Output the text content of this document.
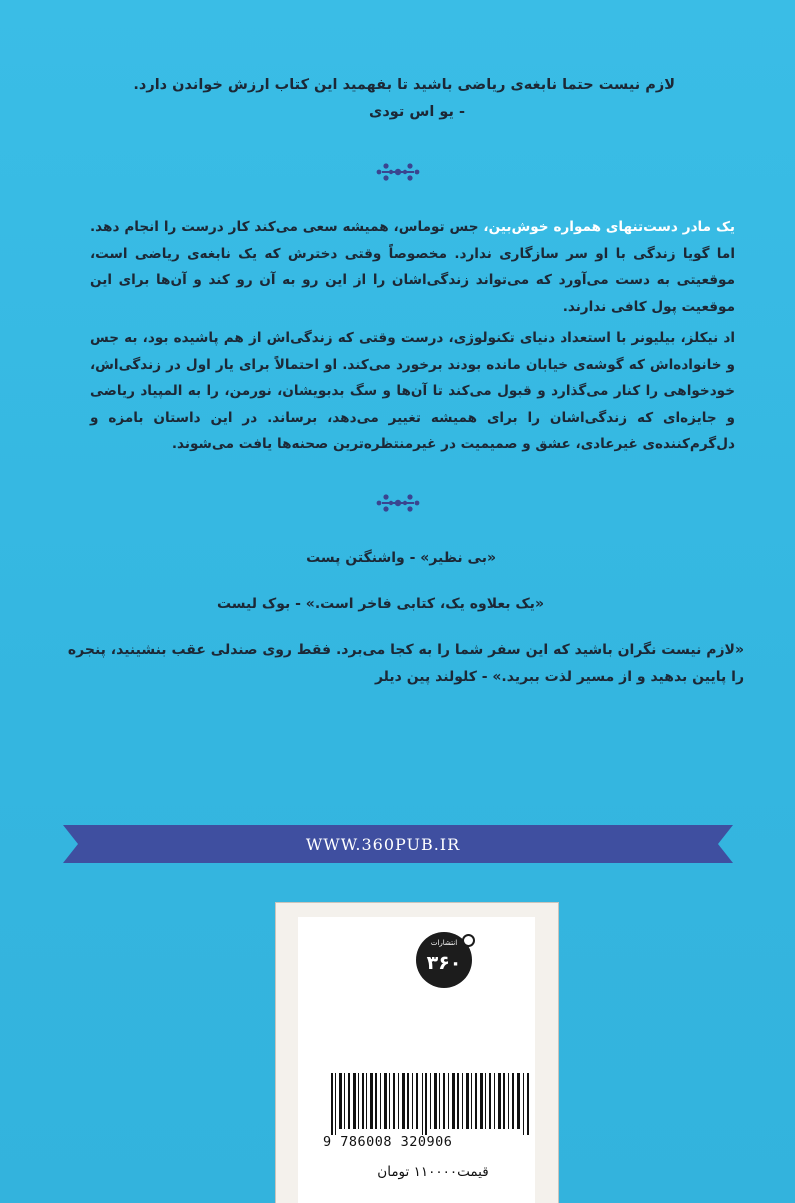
لازم نیست حتما نابغه‌ی ریاضی باشید تا بفهمید این کتاب ارزش خواندن دارد.
- یو اس تودی
یک مادر دست‌تنهای همواره خوش‌بین، جس توماس، همیشه سعی می‌کند کار درست را انجام دهد. اما گویا زندگی با او سر سازگاری ندارد. مخصوصاً وقتی دخترش که یک نابغه‌ی ریاضی است، موقعیتی به دست می‌آورد که می‌تواند زندگی‌اشان را از این رو به آن رو کند و آن‌ها برای این موقعیت پول کافی ندارند.
اد نیکلز، بیلیونر با استعداد دنیای تکنولوژی، درست وقتی که زندگی‌اش از هم پاشیده بود، به جس و خانواده‌اش که گوشه‌ی خیابان مانده بودند برخورد می‌کند. او احتمالاً برای یار اول در زندگی‌اش، خودخواهی را کنار می‌گذارد و قبول می‌کند تا آن‌ها و سگ بدبویشان، نورمن، را به المپیاد ریاضی و جایزه‌ای که زندگی‌اشان را برای همیشه تغییر می‌دهد، برساند. در این داستان بامزه و دل‌گرم‌کننده‌ی غیرعادی، عشق و صمیمیت در غیرمنتظره‌ترین صحنه‌ها یافت می‌شوند.

«بی نظیر» - واشنگتن پست

«یک بعلاوه یک، کتابی فاخر است.» - بوک لیست

«لازم نیست نگران باشید که این سفر شما را به کجا می‌برد. فقط روی صندلی عقب بنشینید، پنجره را پایین بدهید و از مسیر لذت ببرید.» - کلولند پین دیلر

WWW.360PUB.IR
انتشارات
۳۶۰
9 786008 320906
قیمت۱۱۰۰۰۰ تومان
